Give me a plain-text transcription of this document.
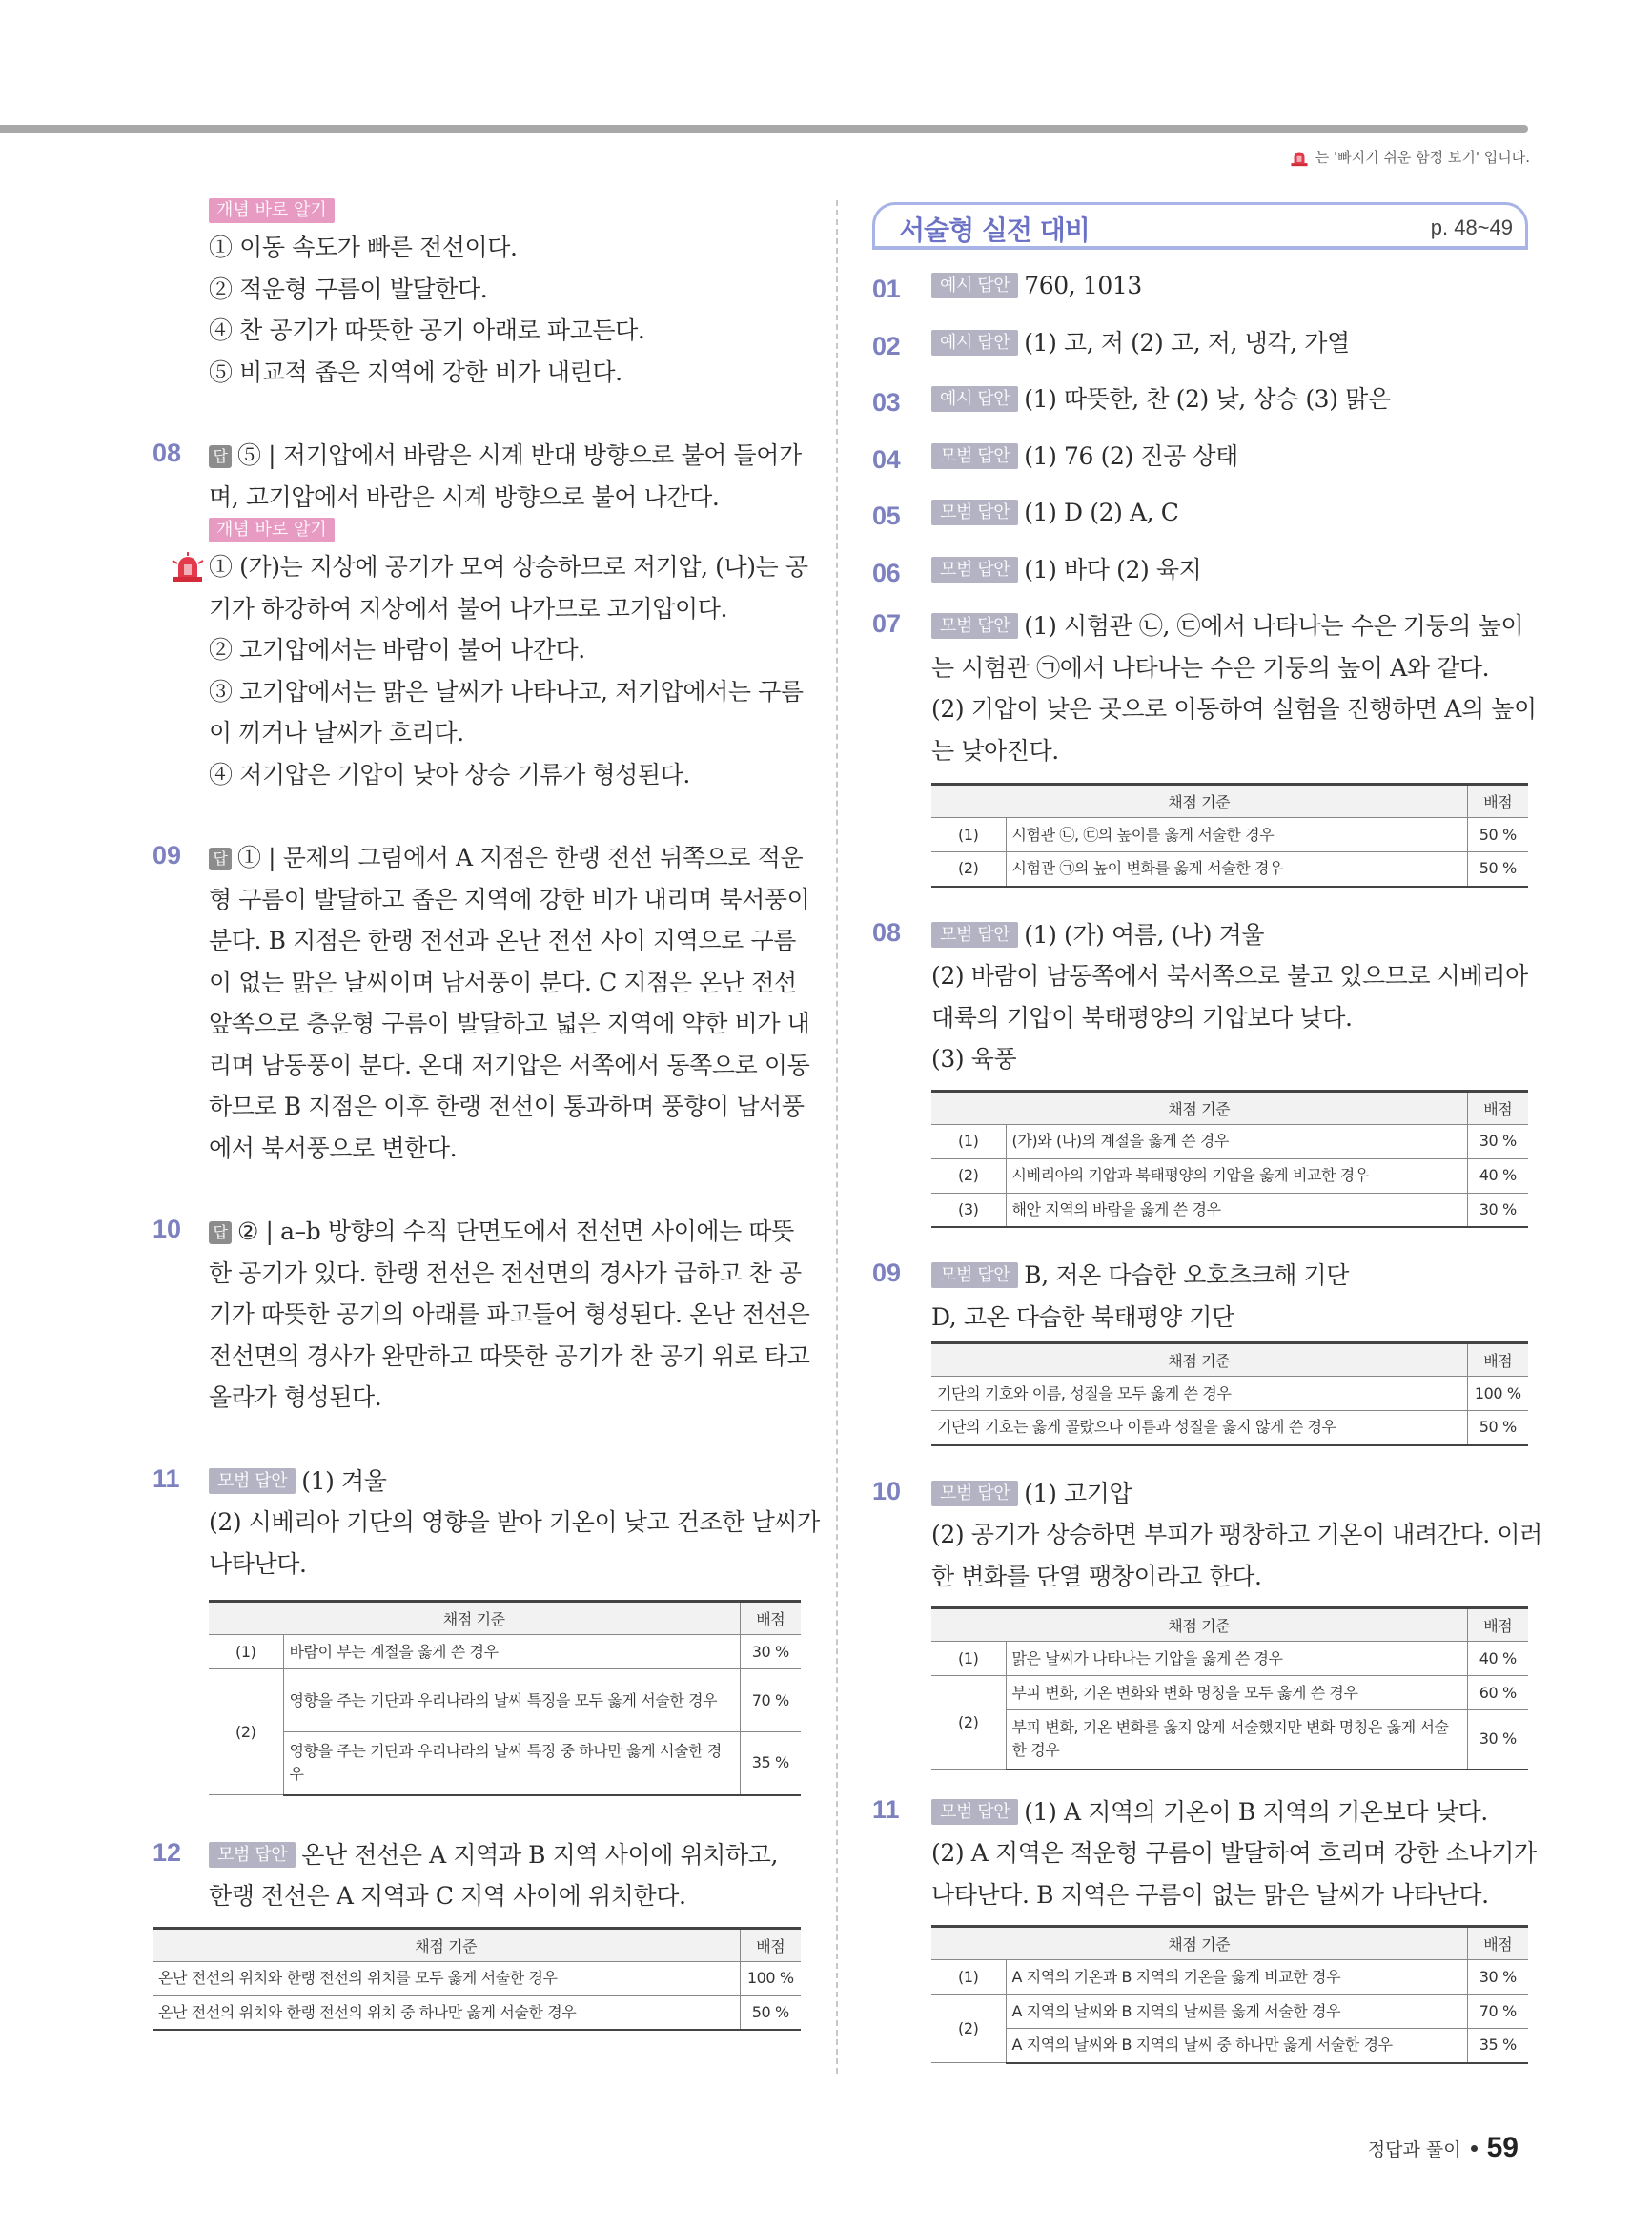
는 '빠지기 쉬운 함정 보기' 입니다.
개념 바로 알기
① 이동 속도가 빠른 전선이다.
② 적운형 구름이 발달한다.
④ 찬 공기가 따뜻한 공기 아래로 파고든다.
⑤ 비교적 좁은 지역에 강한 비가 내린다.
08 답 ⑤ | 저기압에서 바람은 시계 반대 방향으로 불어 들어가
며, 고기압에서 바람은 시계 방향으로 불어 나간다.
개념 바로 알기
① (가)는 지상에 공기가 모여 상승하므로 저기압, (나)는 공
기가 하강하여 지상에서 불어 나가므로 고기압이다.
② 고기압에서는 바람이 불어 나간다.
③ 고기압에서는 맑은 날씨가 나타나고, 저기압에서는 구름
이 끼거나 날씨가 흐리다.
④ 저기압은 기압이 낮아 상승 기류가 형성된다.
09 답 ① | 문제의 그림에서 A 지점은 한랭 전선 뒤쪽으로 적운
형 구름이 발달하고 좁은 지역에 강한 비가 내리며 북서풍이
분다. B 지점은 한랭 전선과 온난 전선 사이 지역으로 구름
이 없는 맑은 날씨이며 남서풍이 분다. C 지점은 온난 전선
앞쪽으로 층운형 구름이 발달하고 넓은 지역에 약한 비가 내
리며 남동풍이 분다. 온대 저기압은 서쪽에서 동쪽으로 이동
하므로 B 지점은 이후 한랭 전선이 통과하며 풍향이 남서풍
에서 북서풍으로 변한다.
10 답 ② | a–b 방향의 수직 단면도에서 전선면 사이에는 따뜻
한 공기가 있다. 한랭 전선은 전선면의 경사가 급하고 찬 공
기가 따뜻한 공기의 아래를 파고들어 형성된다. 온난 전선은
전선면의 경사가 완만하고 따뜻한 공기가 찬 공기 위로 타고
올라가 형성된다.
11	모범 답안 (1) 겨울
(2) 시베리아 기단의 영향을 받아 기온이 낮고 건조한 날씨가
나타난다.
채점 기준		배점
(1)	바람이 부는 계절을 옳게 쓴 경우	30 %
(2)	영향을 주는 기단과 우리나라의 날씨 특징을 모두 옳게 서술한 경우	70 %
	영향을 주는 기단과 우리나라의 날씨 특징 중 하나만 옳게 서술한 경우	35 %
12	모범 답안 온난 전선은 A 지역과 B 지역 사이에 위치하고,
한랭 전선은 A 지역과 C 지역 사이에 위치한다.
채점 기준	배점
온난 전선의 위치와 한랭 전선의 위치를 모두 옳게 서술한 경우	100 %
온난 전선의 위치와 한랭 전선의 위치 중 하나만 옳게 서술한 경우	50 %
서술형 실전 대비	p. 48~49
01 예시 답안 760, 1013
02 예시 답안 (1) 고, 저 (2) 고, 저, 냉각, 가열
03 예시 답안 (1) 따뜻한, 찬 (2) 낮, 상승 (3) 맑은
04 모범 답안 (1) 76 (2) 진공 상태
05 모범 답안 (1) D (2) A, C
06 모범 답안 (1) 바다 (2) 육지
07	모범 답안 (1) 시험관 ㉡, ㉢에서 나타나는 수은 기둥의 높이
는 시험관 ㉠에서 나타나는 수은 기둥의 높이 A와 같다.
(2) 기압이 낮은 곳으로 이동하여 실험을 진행하면 A의 높이
는 낮아진다.
채점 기준		배점
(1)	시험관 ㉡, ㉢의 높이를 옳게 서술한 경우	50 %
(2)	시험관 ㉠의 높이 변화를 옳게 서술한 경우	50 %
08	모범 답안 (1) (가) 여름, (나) 겨울
(2) 바람이 남동쪽에서 북서쪽으로 불고 있으므로 시베리아
대륙의 기압이 북태평양의 기압보다 낮다.
(3) 육풍
채점 기준		배점
(1)	(가)와 (나)의 계절을 옳게 쓴 경우	30 %
(2)	시베리아의 기압과 북태평양의 기압을 옳게 비교한 경우	40 %
(3)	해안 지역의 바람을 옳게 쓴 경우	30 %
09	모범 답안 B, 저온 다습한 오호츠크해 기단
D, 고온 다습한 북태평양 기단
채점 기준	배점
기단의 기호와 이름, 성질을 모두 옳게 쓴 경우	100 %
기단의 기호는 옳게 골랐으나 이름과 성질을 옳지 않게 쓴 경우	50 %
10	모범 답안 (1) 고기압
(2) 공기가 상승하면 부피가 팽창하고 기온이 내려간다. 이러
한 변화를 단열 팽창이라고 한다.
채점 기준		배점
(1)	맑은 날씨가 나타나는 기압을 옳게 쓴 경우	40 %
(2)	부피 변화, 기온 변화와 변화 명칭을 모두 옳게 쓴 경우	60 %
	부피 변화, 기온 변화를 옳지 않게 서술했지만 변화 명칭은 옳게 서술한 경우	30 %
11	모범 답안 (1) A 지역의 기온이 B 지역의 기온보다 낮다.
(2) A 지역은 적운형 구름이 발달하여 흐리며 강한 소나기가
나타난다. B 지역은 구름이 없는 맑은 날씨가 나타난다.
채점 기준		배점
(1)	A 지역의 기온과 B 지역의 기온을 옳게 비교한 경우	30 %
(2)	A 지역의 날씨와 B 지역의 날씨를 옳게 서술한 경우	70 %
	A 지역의 날씨와 B 지역의 날씨 중 하나만 옳게 서술한 경우	35 %
정답과 풀이 59
